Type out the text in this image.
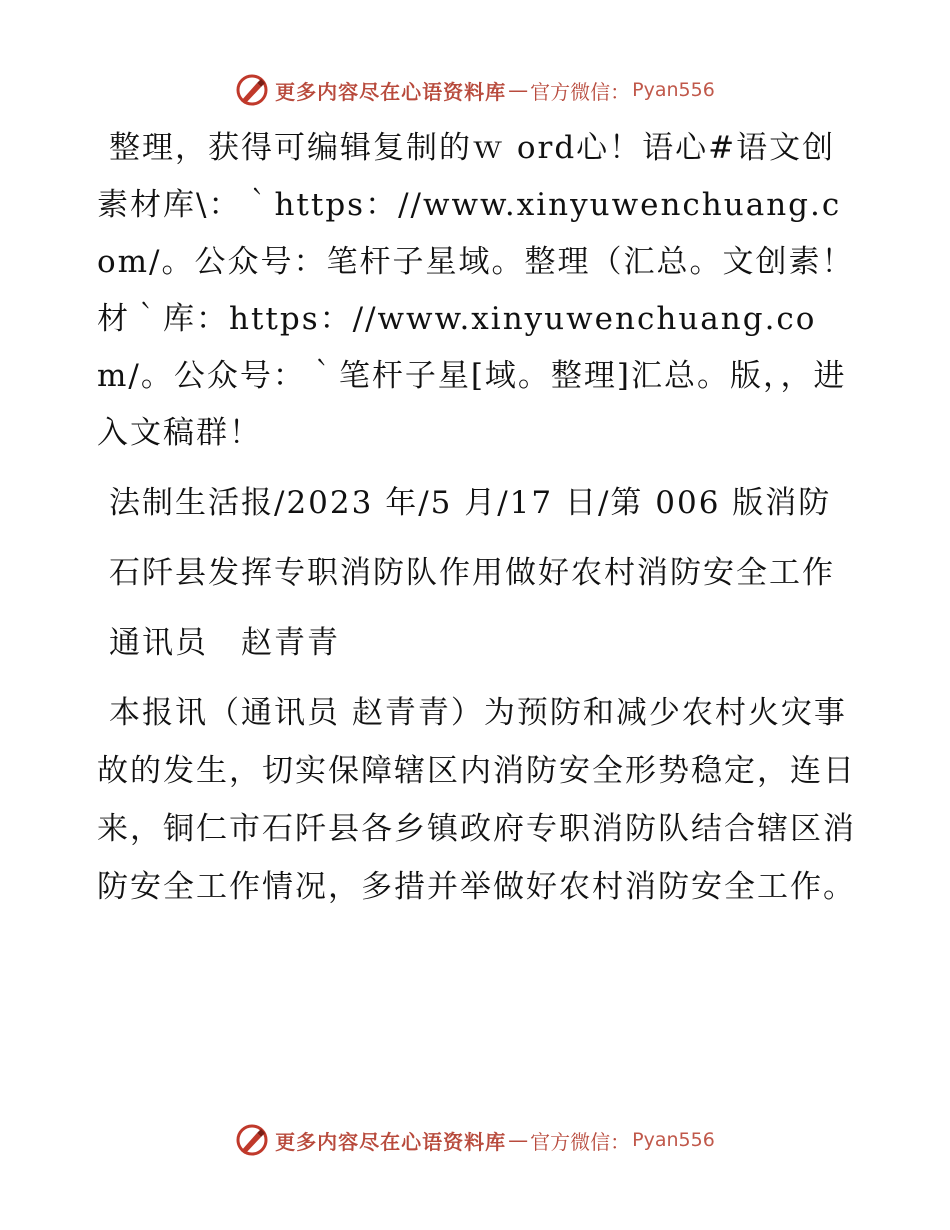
更多内容尽在心语资料库 — 官方微信： Pyan556

整理，获得可编辑复制的ｗ ord心！语心#语文创素材库\：｀https：//www.xinyuwenchuang.com/。公众号：笔杆子星域。整理（汇总。文创素！材｀库：https：//www.xinyuwenchuang.com/。公众号：｀笔杆子星[域。整理]汇总。版，，进入文稿群！

法制生活报/2023 年/5 月/17 日/第 006 版消防

石阡县发挥专职消防队作用做好农村消防安全工作

通讯员　赵青青

本报讯（通讯员 赵青青）为预防和减少农村火灾事故的发生，切实保障辖区内消防安全形势稳定，连日来，铜仁市石阡县各乡镇政府专职消防队结合辖区消防安全工作情况，多措并举做好农村消防安全工作。

更多内容尽在心语资料库 — 官方微信： Pyan556
